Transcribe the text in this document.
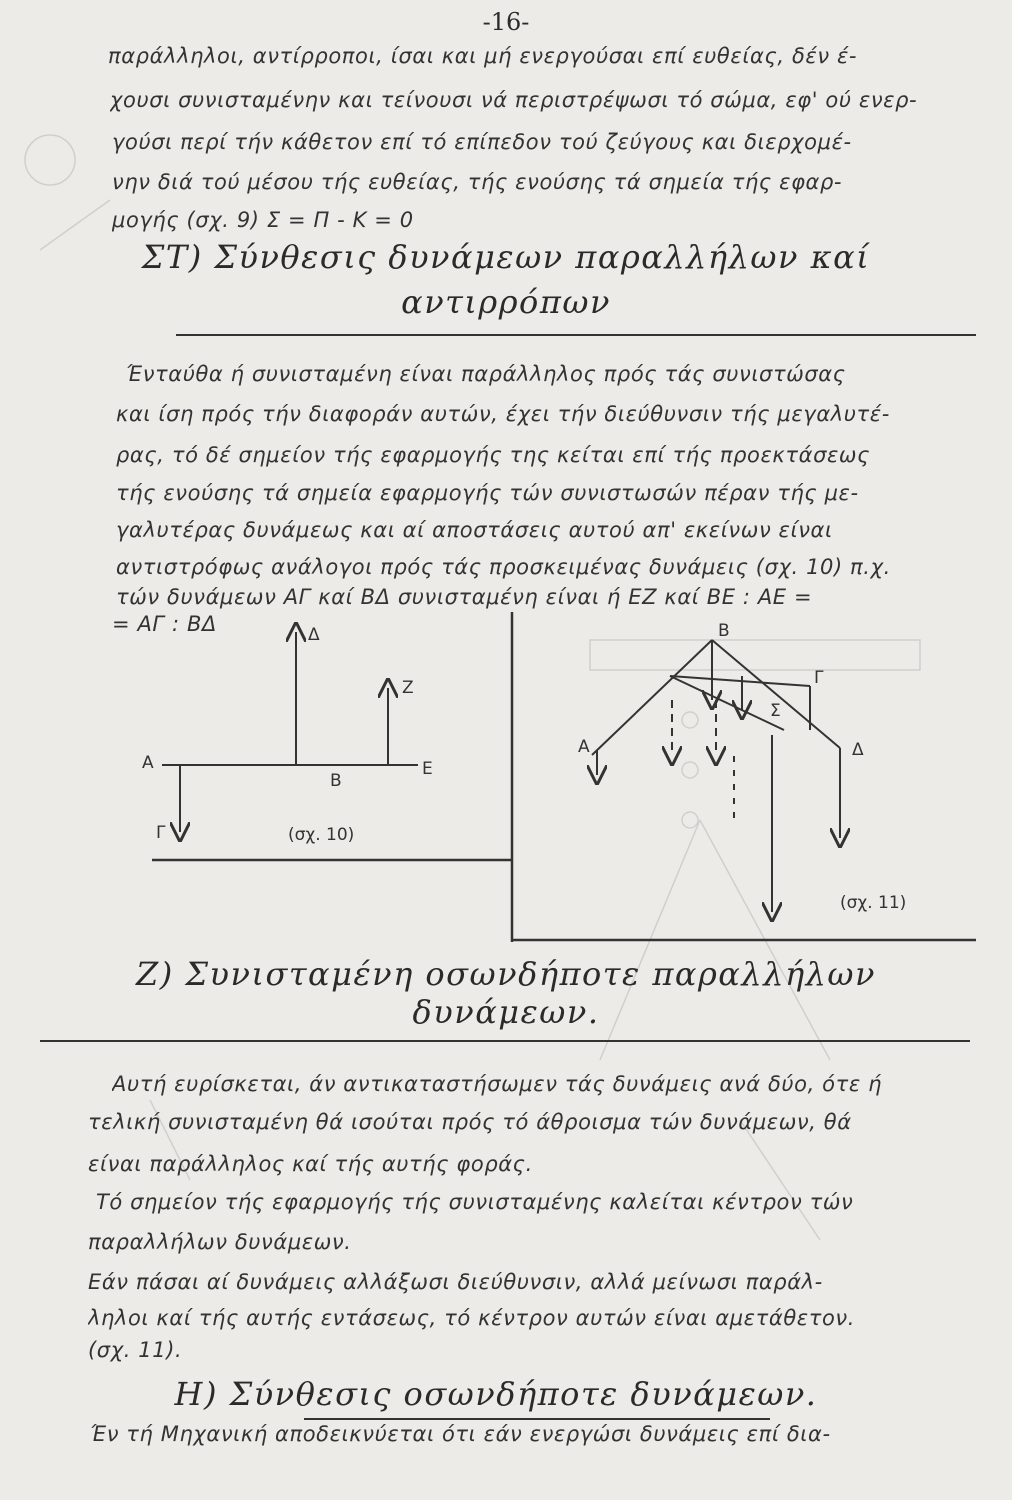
-16-
παράλληλοι, αντίρροποι, ίσαι και μή ενεργούσαι επί ευθείας, δέν έ-
χουσι συνισταμένην και τείνουσι νά περιστρέψωσι τό σώμα, εφ' ού ενερ-
γούσι περί τήν κάθετον επί τό επίπεδον τού ζεύγους και διερχομέ-
νην διά τού μέσου τής ευθείας, τής ενούσης τά σημεία τής εφαρ-
μογής (σχ. 9) Σ = Π - Κ = 0
ΣΤ) Σύνθεσις δυνάμεων παραλλήλων καί
αντιρρόπων
Ένταύθα ή συνισταμένη είναι παράλληλος πρός τάς συνιστώσας
και ίση πρός τήν διαφοράν αυτών, έχει τήν διεύθυνσιν τής μεγαλυτέ-
ρας, τό δέ σημείον τής εφαρμογής της κείται επί τής προεκτάσεως
τής ενούσης τά σημεία εφαρμογής τών συνιστωσών πέραν τής με-
γαλυτέρας δυνάμεως και αί αποστάσεις αυτού απ' εκείνων είναι
αντιστρόφως ανάλογοι πρός τάς προσκειμένας δυνάμεις (σχ. 10) π.χ.
τών δυνάμεων ΑΓ καί ΒΔ συνισταμένη είναι ή ΕΖ καί ΒΕ : ΑΕ =
= ΑΓ : ΒΔ
Α
Β
Ε
Γ
Δ
Ζ
(σχ. 10)
Α
Β
Γ
Δ
Σ
(σχ. 11)
Ζ) Συνισταμένη οσωνδήποτε παραλλήλων
δυνάμεων.
Αυτή ευρίσκεται, άν αντικαταστήσωμεν τάς δυνάμεις ανά δύο, ότε ή
τελική συνισταμένη θά ισούται πρός τό άθροισμα τών δυνάμεων, θά
είναι παράλληλος καί τής αυτής φοράς.
Τό σημείον τής εφαρμογής τής συνισταμένης καλείται κέντρον τών
παραλλήλων δυνάμεων.
Εάν πάσαι αί δυνάμεις αλλάξωσι διεύθυνσιν, αλλά μείνωσι παράλ-
ληλοι καί τής αυτής εντάσεως, τό κέντρον αυτών είναι αμετάθετον.
(σχ. 11).
Η) Σύνθεσις οσωνδήποτε δυνάμεων.
Έν τή Μηχανική αποδεικνύεται ότι εάν ενεργώσι δυνάμεις επί δια-
